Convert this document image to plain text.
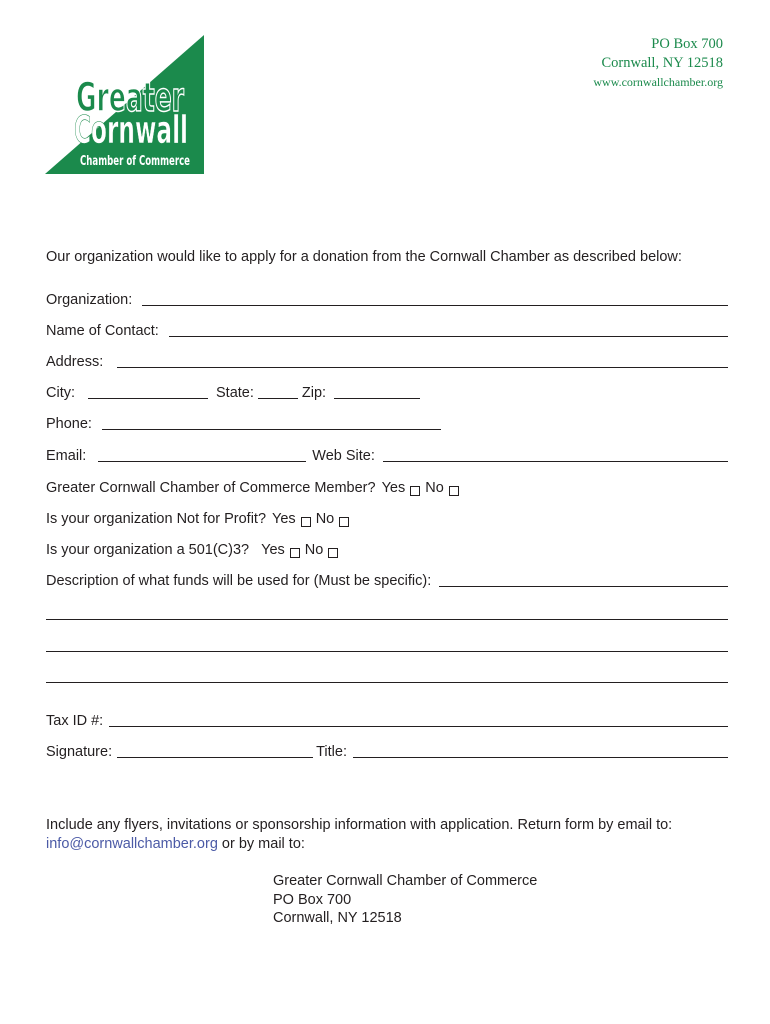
Greater
Cornwall
Chamber of Commerce
PO Box 700
Cornwall, NY 12518
www.cornwallchamber.org
Our organization would like to apply for a donation from the Cornwall Chamber as described below:
Organization:
Name of Contact:
Address:
City:	State:	Zip:
Phone:
Email:	Web Site:
Greater Cornwall Chamber of Commerce Member? Yes No
Is your organization Not for Profit? Yes No
Is your organization a 501(C)3? Yes No
Description of what funds will be used for (Must be specific):
Tax ID #:
Signature:	Title:
Include any flyers, invitations or sponsorship information with application. Return form by email to:
info@cornwallchamber.org or by mail to:
Greater Cornwall Chamber of Commerce
PO Box 700
Cornwall, NY 12518
